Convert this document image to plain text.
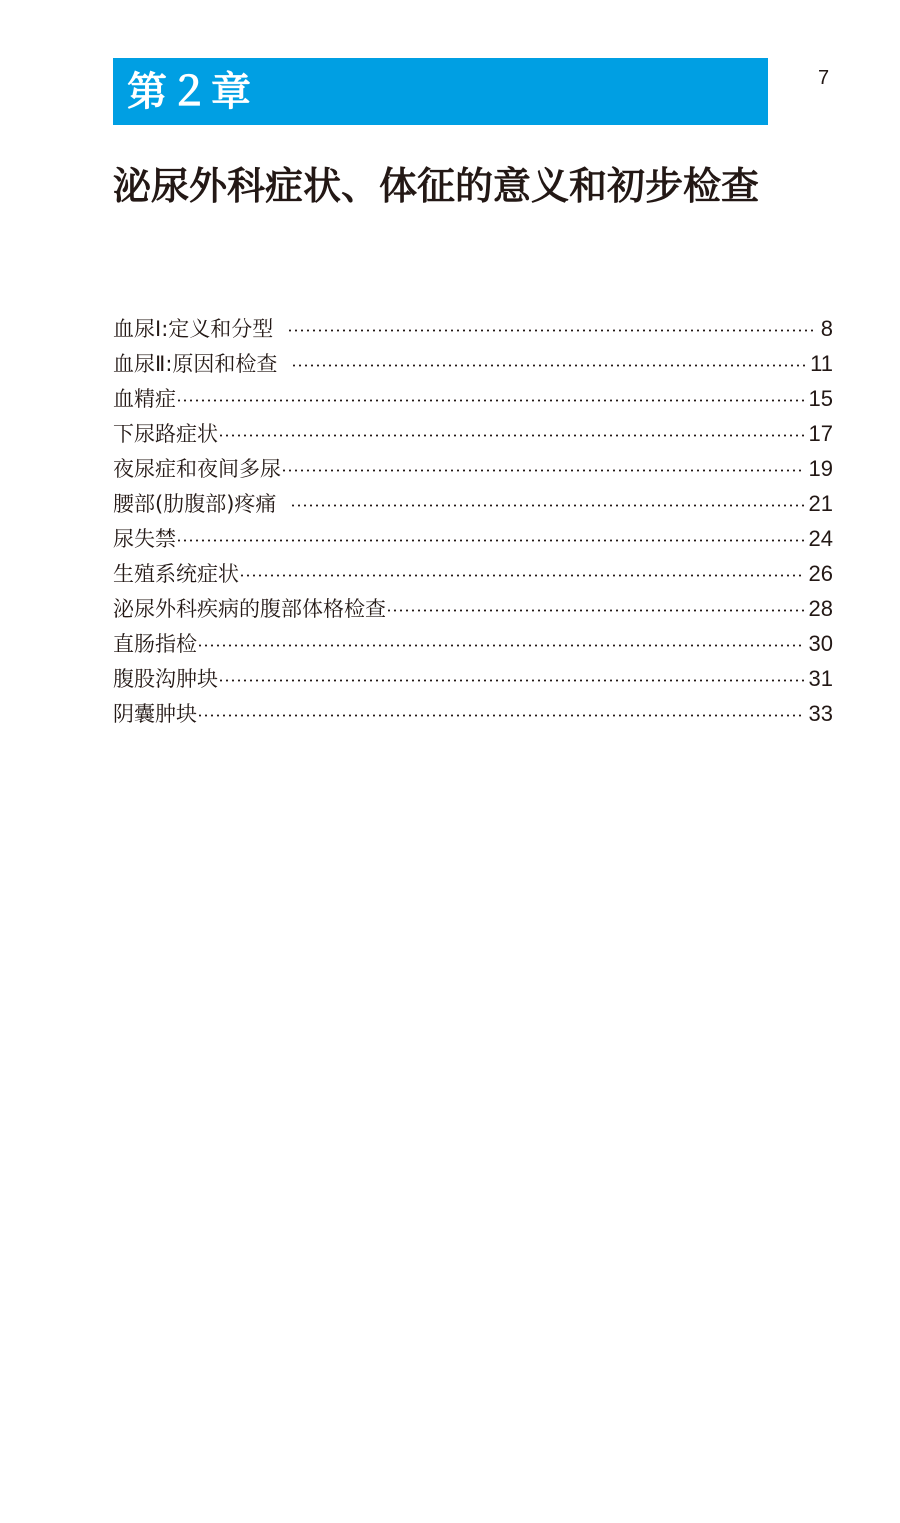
第２章	7
泌尿外科症状、体征的意义和初步检查
血尿Ⅰ:定义和分型	8
血尿Ⅱ:原因和检查	11
血精症	15
下尿路症状	17
夜尿症和夜间多尿	19
腰部(肋腹部)疼痛	21
尿失禁	24
生殖系统症状	26
泌尿外科疾病的腹部体格检查	28
直肠指检	30
腹股沟肿块	31
阴囊肿块	33
